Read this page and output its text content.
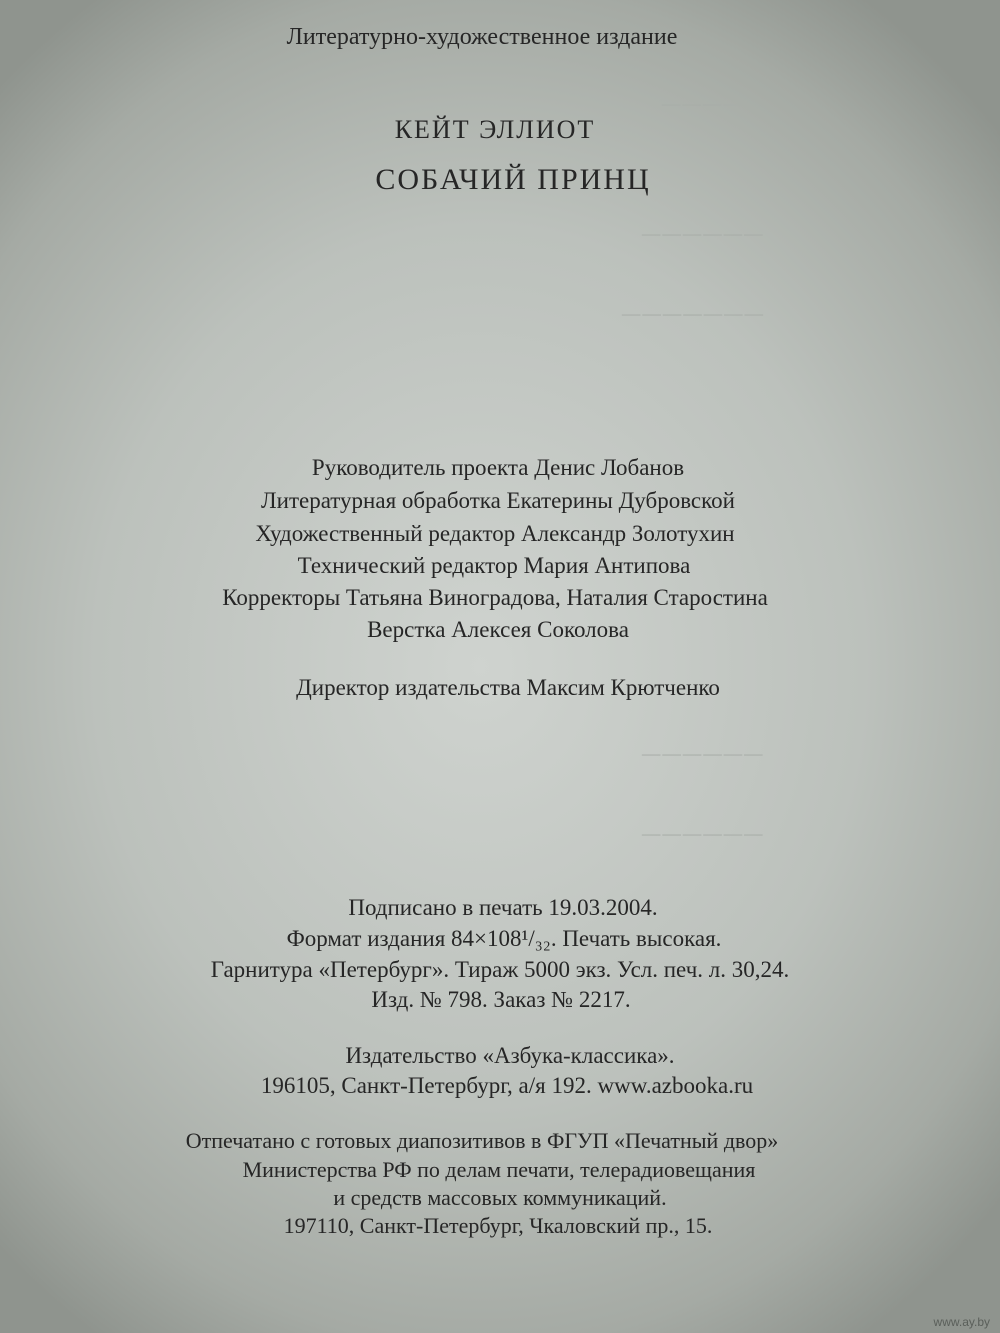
────
──────
───────
──────
──────
Литературно-художественное издание
КЕЙТ ЭЛЛИОТ
СОБАЧИЙ ПРИНЦ
Руководитель проекта Денис Лобанов
Литературная обработка Екатерины Дубровской
Художественный редактор Александр Золотухин
Технический редактор Мария Антипова
Корректоры Татьяна Виноградова, Наталия Старостина
Верстка Алексея Соколова
Директор издательства Максим Крютченко
Подписано в печать 19.03.2004.
Формат издания 84×108¹/₃₂. Печать высокая.
Гарнитура «Петербург». Тираж 5000 экз. Усл. печ. л. 30,24.
Изд. № 798. Заказ № 2217.
Издательство «Азбука-классика».
196105, Санкт-Петербург, а/я 192. www.azbooka.ru
Отпечатано с готовых диапозитивов в ФГУП «Печатный двор»
Министерства РФ по делам печати, телерадиовещания
и средств массовых коммуникаций.
197110, Санкт-Петербург, Чкаловский пр., 15.
www.ay.by
